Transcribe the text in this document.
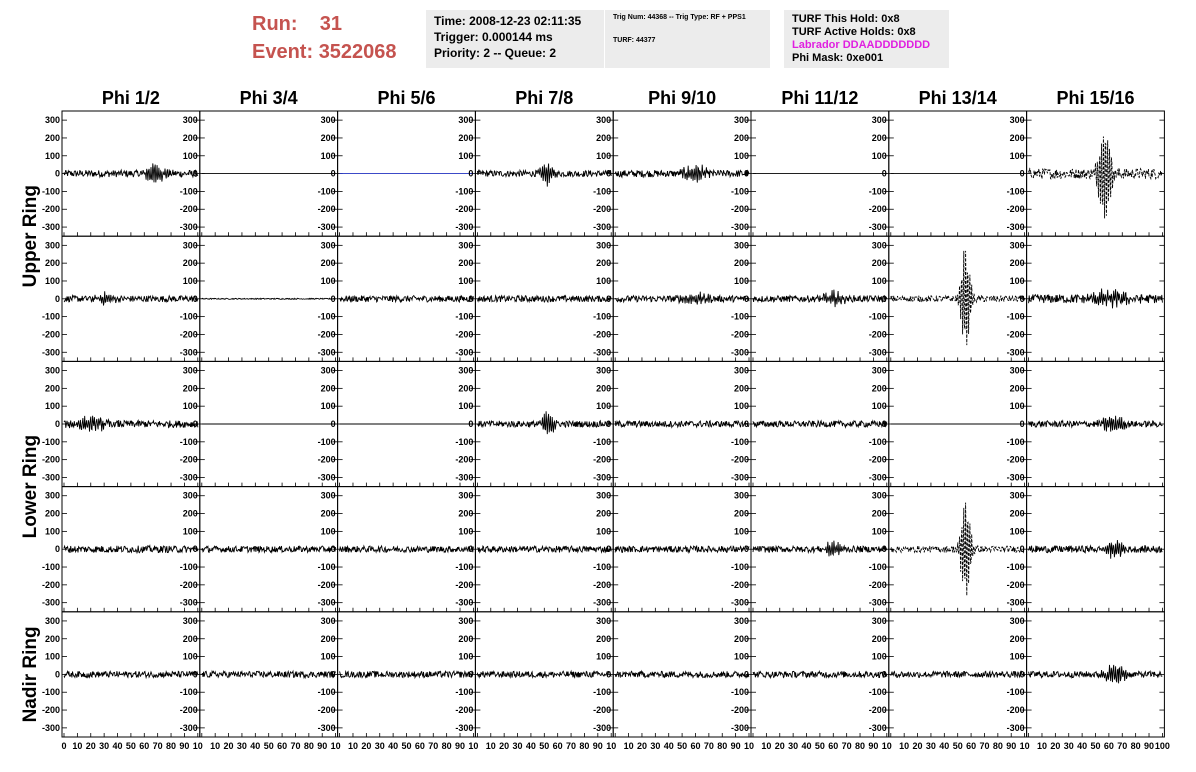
Run: 31
Event: 3522068
Time: 2008-12-23 02:11:35
Trigger: 0.000144 ms
Priority: 2 -- Queue: 2
Trig Num: 44368 -- Trig Type: RF + PPS1
TURF: 44377
TURF This Hold: 0x8
TURF Active Holds: 0x8
Labrador DDAADDDDDDD
Phi Mask: 0xe001
Phi 1/2	Phi 3/4	Phi 5/6	Phi 7/8	Phi 9/10	Phi 11/12	Phi 13/14	Phi 15/16
Upper Ring
Lower Ring
Nadir Ring
300
200
100
0
-100
-200
-300
300
200
100
0
-100
-200
-300
300
200
100
0
-100
-200
-300
300
200
100
0
-100
-200
-300
300
200
100
0
-100
-200
-300
300
200
100
0
-100
-200
-300
300
200
100
0
-100
-200
-300
300
200
100
0
-100
-200
-300
300
200
100
0
-100
-200
-300
300
200
100
0
-100
-200
-300
300
200
100
0
-100
-200
-300
300
200
100
0
-100
-200
-300
300
200
100
0
-100
-200
-300
300
200
100
0
-100
-200
-300
300
200
100
0
-100
-200
-300
300
200
100
0
-100
-200
-300
300
200
100
0
-100
-200
-300
300
200
100
0
-100
-200
-300
300
200
100
0
-100
-200
-300
300
200
100
0
-100
-200
-300
300
200
100
0
-100
-200
-300
300
200
100
0
-100
-200
-300
300
200
100
0
-100
-200
-300
300
200
100
0
-100
-200
-300
300
200
100
0
-100
-200
-300
300
200
100
0
-100
-200
-300
300
200
100
0
-100
-200
-300
300
200
100
0
-100
-200
-300
300
200
100
0
-100
-200
-300
300
200
100
0
-100
-200
-300
300
200
100
0
-100
-200
-300
300
200
100
0
-100
-200
-300
300
200
100
0
-100
-200
-300
300
200
100
0
-100
-200
-300
300
200
100
0
-100
-200
-300
300
200
100
0
-100
-200
-300
300
200
100
0
-100
-200
-300
300
200
100
0
-100
-200
-300
300
200
100
0
-100
-200
-300
300
200
100
0
-100
-200
-300
0 10 20 30 40 50 60 70 80 90 10 10 20 30 40 50 60 70 80 90 10 10 20 30 40 50 60 70 80 90 10 10 20 30 40 50 60 70 80 90 10 10 20 30 40 50 60 70 80 90 10 10 20 30 40 50 60 70 80 90 10 10 20 30 40 50 60 70 80 90 10 10 20 30 40 50 60 70 80 90 100
